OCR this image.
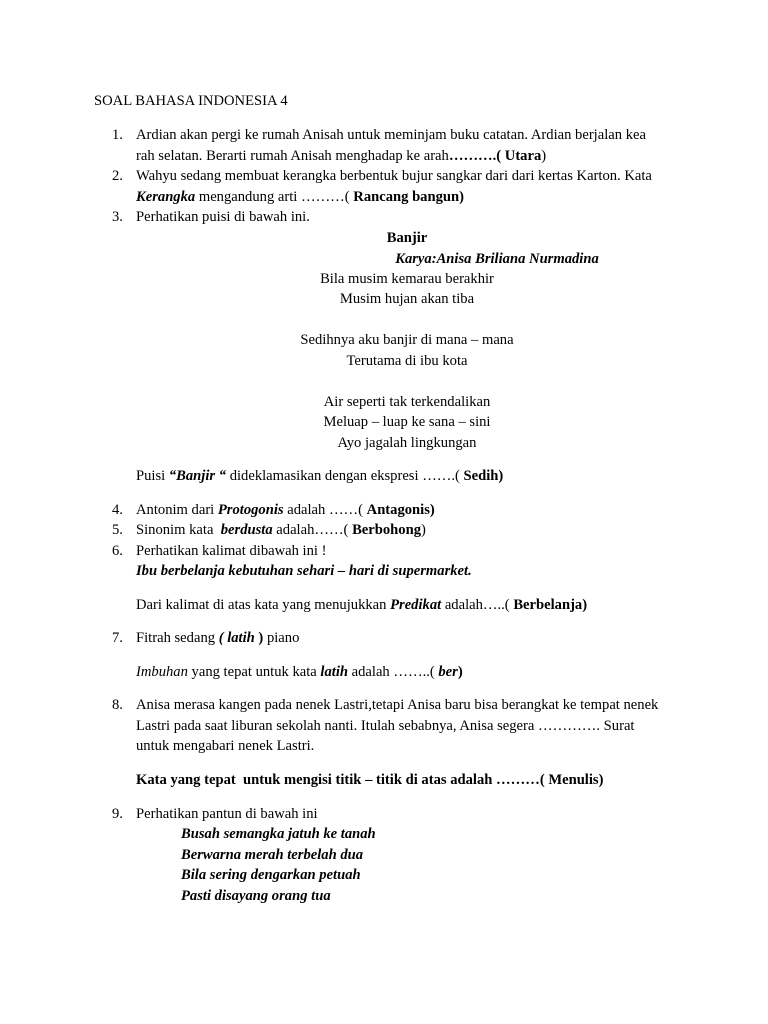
SOAL BAHASA INDONESIA 4
1. Ardian akan pergi ke rumah Anisah untuk meminjam buku catatan. Ardian berjalan kea
rah selatan. Berarti rumah Anisah menghadap ke arah……….( Utara)
2. Wahyu sedang membuat kerangka berbentuk bujur sangkar dari dari kertas Karton. Kata
Kerangka mengandung arti ………( Rancang bangun)
3. Perhatikan puisi di bawah ini.
Banjir
Karya:Anisa Briliana Nurmadina
Bila musim kemarau berakhir
Musim hujan akan tiba
Sedihnya aku banjir di mana – mana
Terutama di ibu kota
Air seperti tak terkendalikan
Meluap – luap ke sana – sini
Ayo jagalah lingkungan
Puisi “Banjir “ dideklamasikan dengan ekspresi …….( Sedih)
4. Antonim dari Protogonis adalah ……( Antagonis)
5. Sinonim kata  berdusta adalah……( Berbohong)
6. Perhatikan kalimat dibawah ini !
Ibu berbelanja kebutuhan sehari – hari di supermarket.
Dari kalimat di atas kata yang menujukkan Predikat adalah…..( Berbelanja)
7. Fitrah sedang ( latih ) piano
Imbuhan yang tepat untuk kata latih adalah ……..( ber)
8. Anisa merasa kangen pada nenek Lastri,tetapi Anisa baru bisa berangkat ke tempat nenek
Lastri pada saat liburan sekolah nanti. Itulah sebabnya, Anisa segera …………. Surat
untuk mengabari nenek Lastri.
Kata yang tepat  untuk mengisi titik – titik di atas adalah ………( Menulis)
9. Perhatikan pantun di bawah ini
Busah semangka jatuh ke tanah
Berwarna merah terbelah dua
Bila sering dengarkan petuah
Pasti disayang orang tua
